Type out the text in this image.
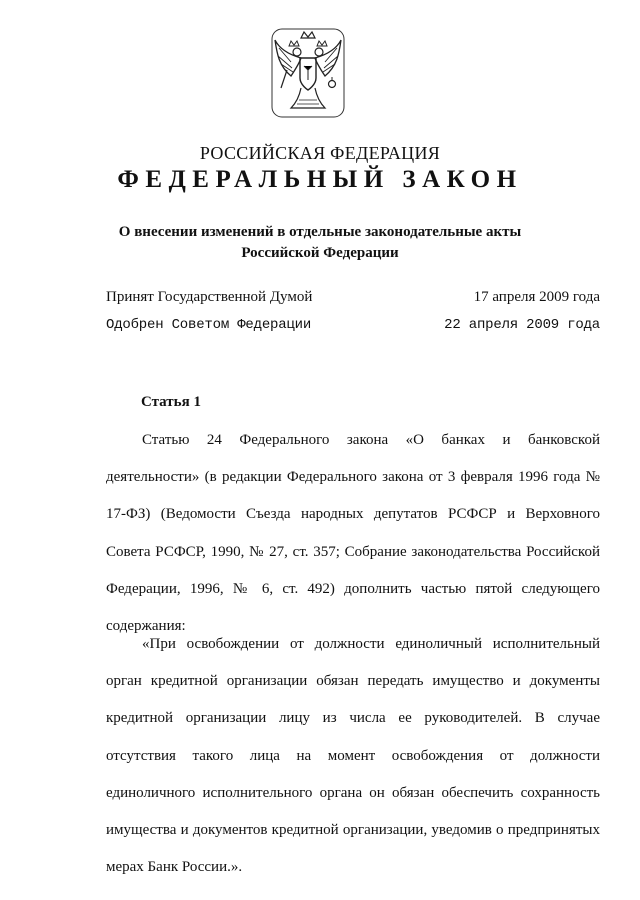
РОССИЙСКАЯ ФЕДЕРАЦИЯ
ФЕДЕРАЛЬНЫЙ ЗАКОН
О внесении изменений в отдельные законодательные акты
Российской Федерации
Принят Государственной Думой	17 апреля 2009 года
Одобрен Советом Федерации	22 апреля 2009 года
Статья 1

Статью 24 Федерального закона «О банках и банковской деятельности» (в редакции Федерального закона от 3 февраля 1996 года № 17-ФЗ) (Ведомости Съезда народных депутатов РСФСР и Верховного Совета РСФСР, 1990, № 27, ст. 357; Собрание законодательства Российской Федерации, 1996, № 6, ст. 492) дополнить частью пятой следующего содержания:

«При освобождении от должности единоличный исполнительный орган кредитной организации обязан передать имущество и документы кредитной организации лицу из числа ее руководителей. В случае отсутствия такого лица на момент освобождения от должности единоличного исполнительного органа он обязан обеспечить сохранность имущества и документов кредитной организации, уведомив о предпринятых мерах Банк России.».
